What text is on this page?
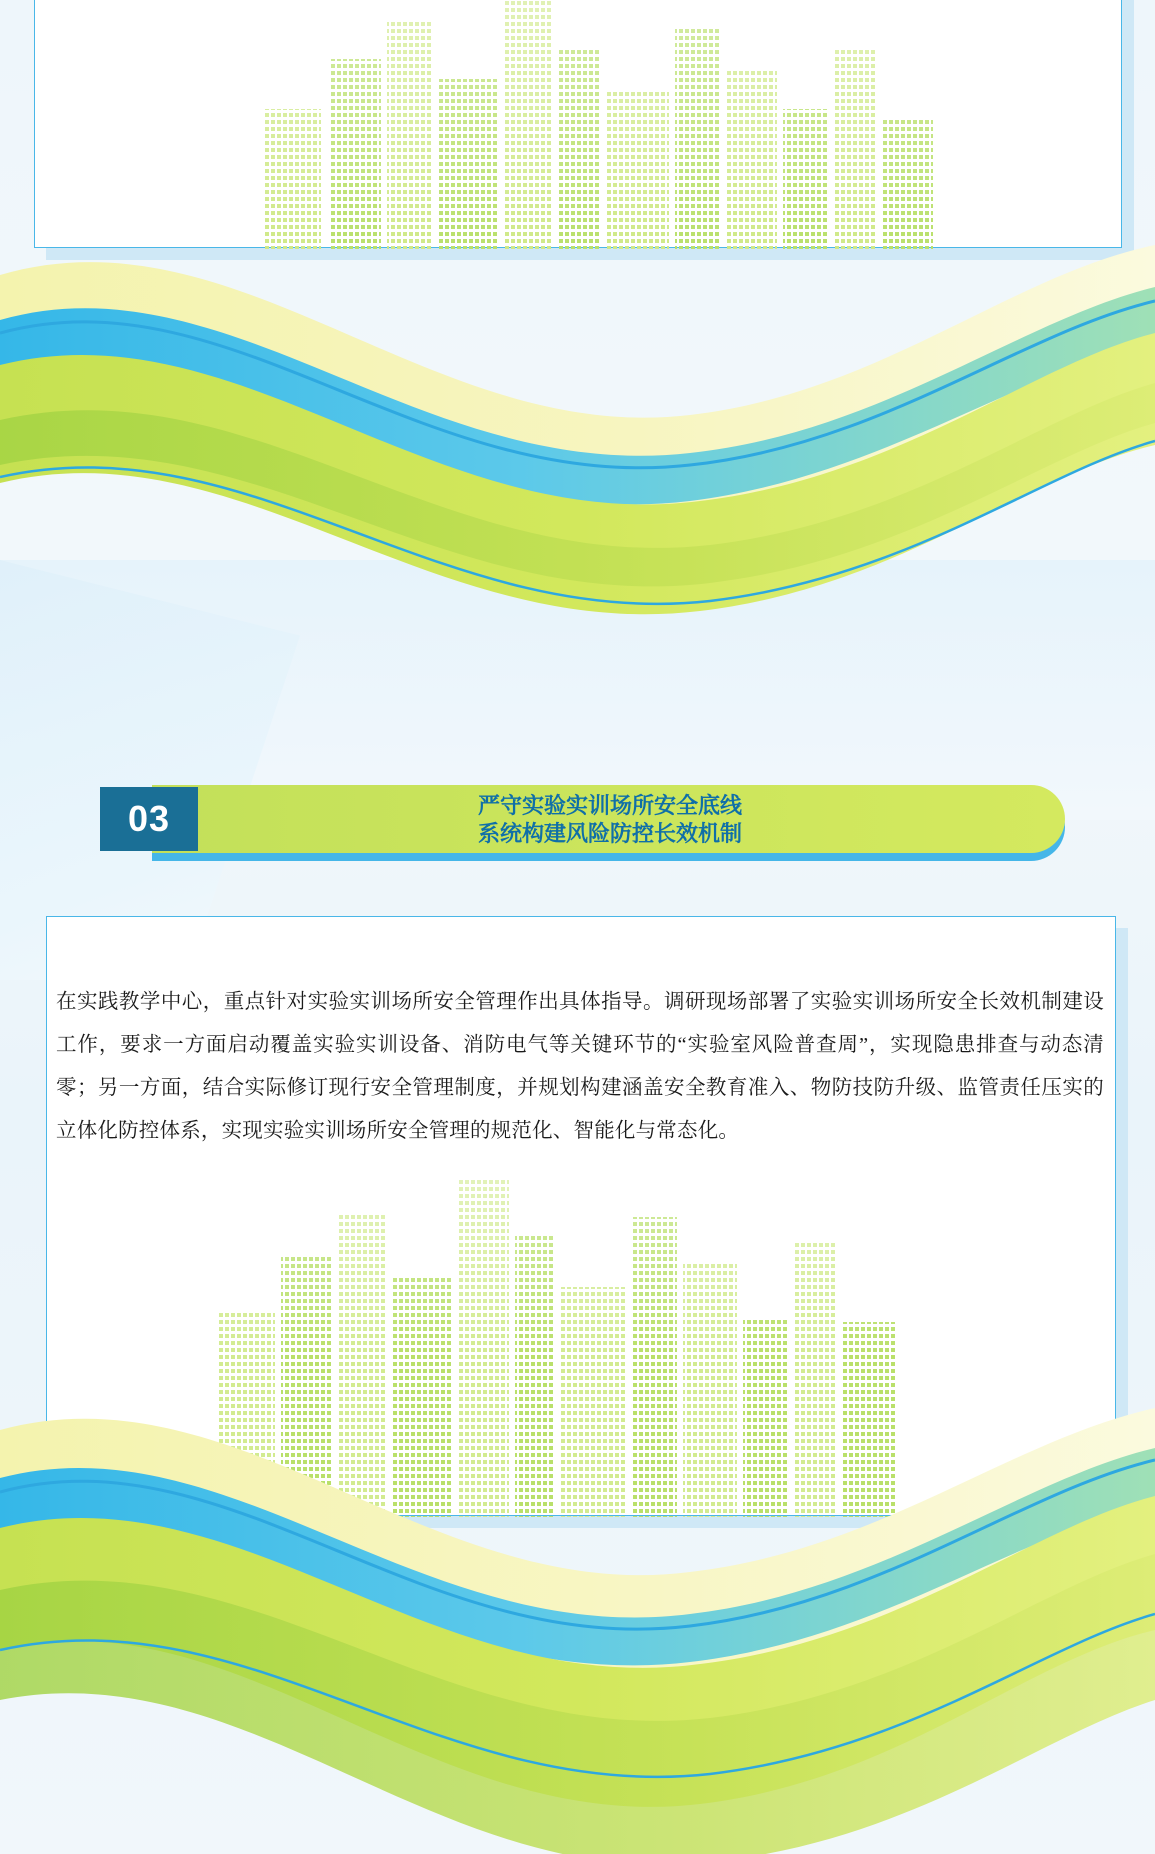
03	严守实验实训场所安全底线
系统构建风险防控长效机制

在实践教学中心，重点针对实验实训场所安全管理作出具体指导。调研现场部署了实验实训场所安全长效机制建设工作，要求一方面启动覆盖实验实训设备、消防电气等关键环节的“实验室风险普查周”，实现隐患排查与动态清零；另一方面，结合实际修订现行安全管理制度，并规划构建涵盖安全教育准入、物防技防升级、监管责任压实的立体化防控体系，实现实验实训场所安全管理的规范化、智能化与常态化。
